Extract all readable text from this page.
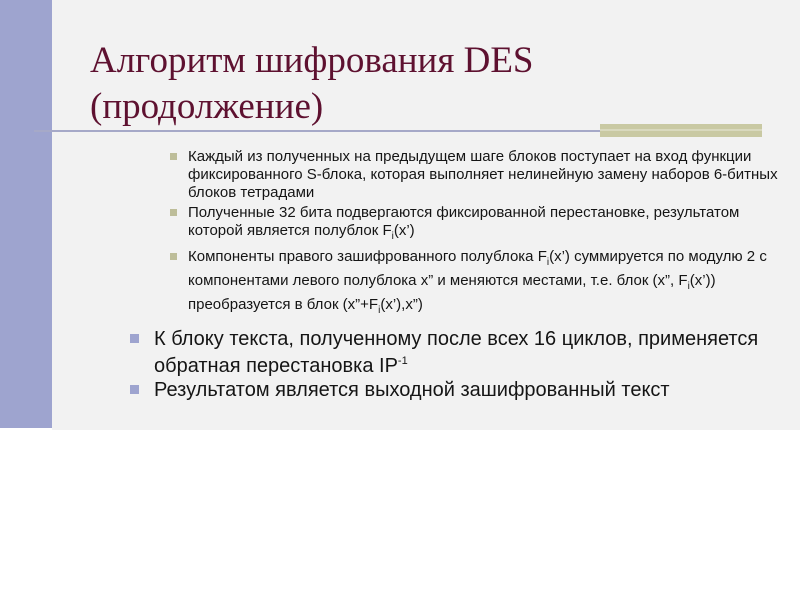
Алгоритм шифрования DES
(продолжение)
Каждый из полученных на предыдущем шаге блоков поступает на вход функции фиксированного S-блока, которая выполняет нелинейную замену наборов 6-битных блоков тетрадами
Полученные 32 бита подвергаются фиксированной перестановке, результатом которой является полублок $F_i(x’)$
Компоненты правого зашифрованного полублока $F_i(x’)$ суммируется по модулю 2 с компонентами левого полублока x” и меняются местами, т.е. блок (x”, $F_i(x’)$) преобразуется в блок $(x”+F_i(x’),x”)$
К блоку текста, полученному после всех 16 циклов, применяется обратная перестановка $IP^{-1}$
Результатом является выходной зашифрованный текст
